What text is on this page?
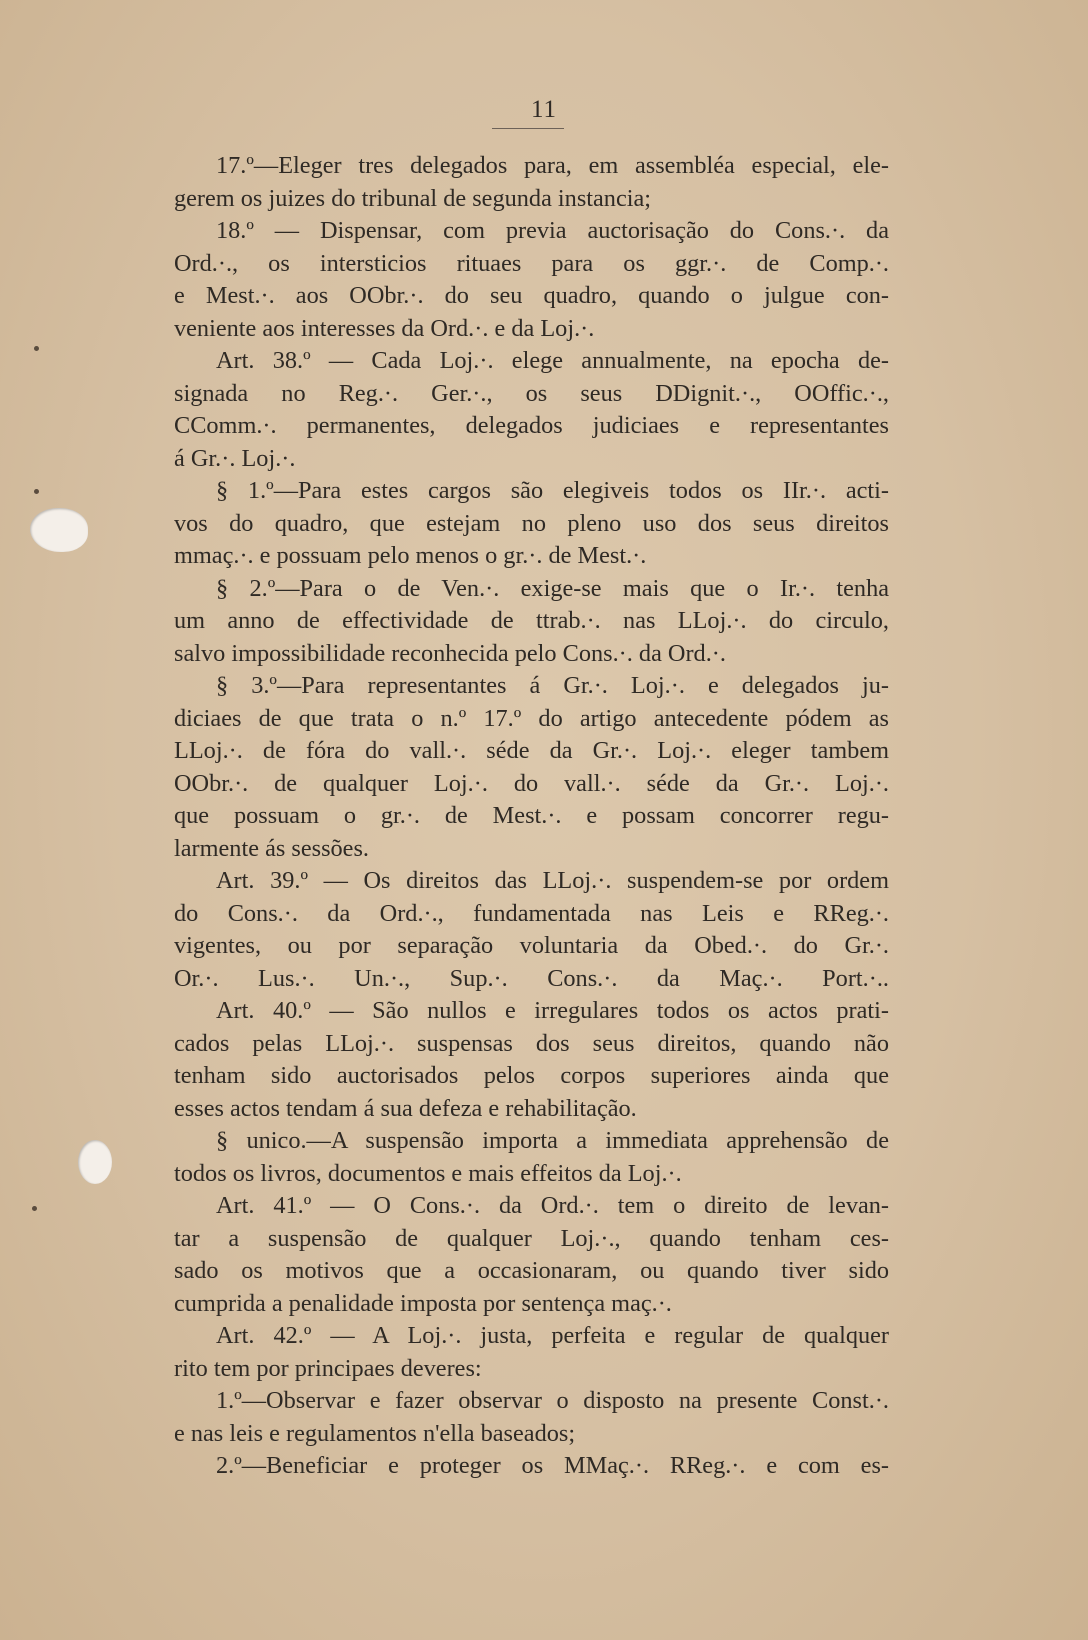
11
17.º—Eleger tres delegados para, em assembléa especial, ele-
gerem os juizes do tribunal de segunda instancia;
18.º — Dispensar, com previa auctorisação do Cons.·. da
Ord.·., os intersticios rituaes para os ggr.·. de Comp.·.
e Mest.·. aos OObr.·. do seu quadro, quando o julgue con-
veniente aos interesses da Ord.·. e da Loj.·.
Art. 38.º — Cada Loj.·. elege annualmente, na epocha de-
signada no Reg.·. Ger.·., os seus DDignit.·., OOffic.·.,
CComm.·. permanentes, delegados judiciaes e representantes
á Gr.·. Loj.·.
§ 1.º—Para estes cargos são elegiveis todos os IIr.·. acti-
vos do quadro, que estejam no pleno uso dos seus direitos
mmaç.·. e possuam pelo menos o gr.·. de Mest.·.
§ 2.º—Para o de Ven.·. exige-se mais que o Ir.·. tenha
um anno de effectividade de ttrab.·. nas LLoj.·. do circulo,
salvo impossibilidade reconhecida pelo Cons.·. da Ord.·.
§ 3.º—Para representantes á Gr.·. Loj.·. e delegados ju-
diciaes de que trata o n.º 17.º do artigo antecedente pódem as
LLoj.·. de fóra do vall.·. séde da Gr.·. Loj.·. eleger tambem
OObr.·. de qualquer Loj.·. do vall.·. séde da Gr.·. Loj.·.
que possuam o gr.·. de Mest.·. e possam concorrer regu-
larmente ás sessões.
Art. 39.º — Os direitos das LLoj.·. suspendem-se por ordem
do Cons.·. da Ord.·., fundamentada nas Leis e RReg.·.
vigentes, ou por separação voluntaria da Obed.·. do Gr.·.
Or.·. Lus.·. Un.·., Sup.·. Cons.·. da Maç.·. Port.·..
Art. 40.º — São nullos e irregulares todos os actos prati-
cados pelas LLoj.·. suspensas dos seus direitos, quando não
tenham sido auctorisados pelos corpos superiores ainda que
esses actos tendam á sua defeza e rehabilitação.
§ unico.—A suspensão importa a immediata apprehensão de
todos os livros, documentos e mais effeitos da Loj.·.
Art. 41.º — O Cons.·. da Ord.·. tem o direito de levan-
tar a suspensão de qualquer Loj.·., quando tenham ces-
sado os motivos que a occasionaram, ou quando tiver sido
cumprida a penalidade imposta por sentença maç.·.
Art. 42.º — A Loj.·. justa, perfeita e regular de qualquer
rito tem por principaes deveres:
1.º—Observar e fazer observar o disposto na presente Const.·.
e nas leis e regulamentos n'ella baseados;
2.º—Beneficiar e proteger os MMaç.·. RReg.·. e com es-
